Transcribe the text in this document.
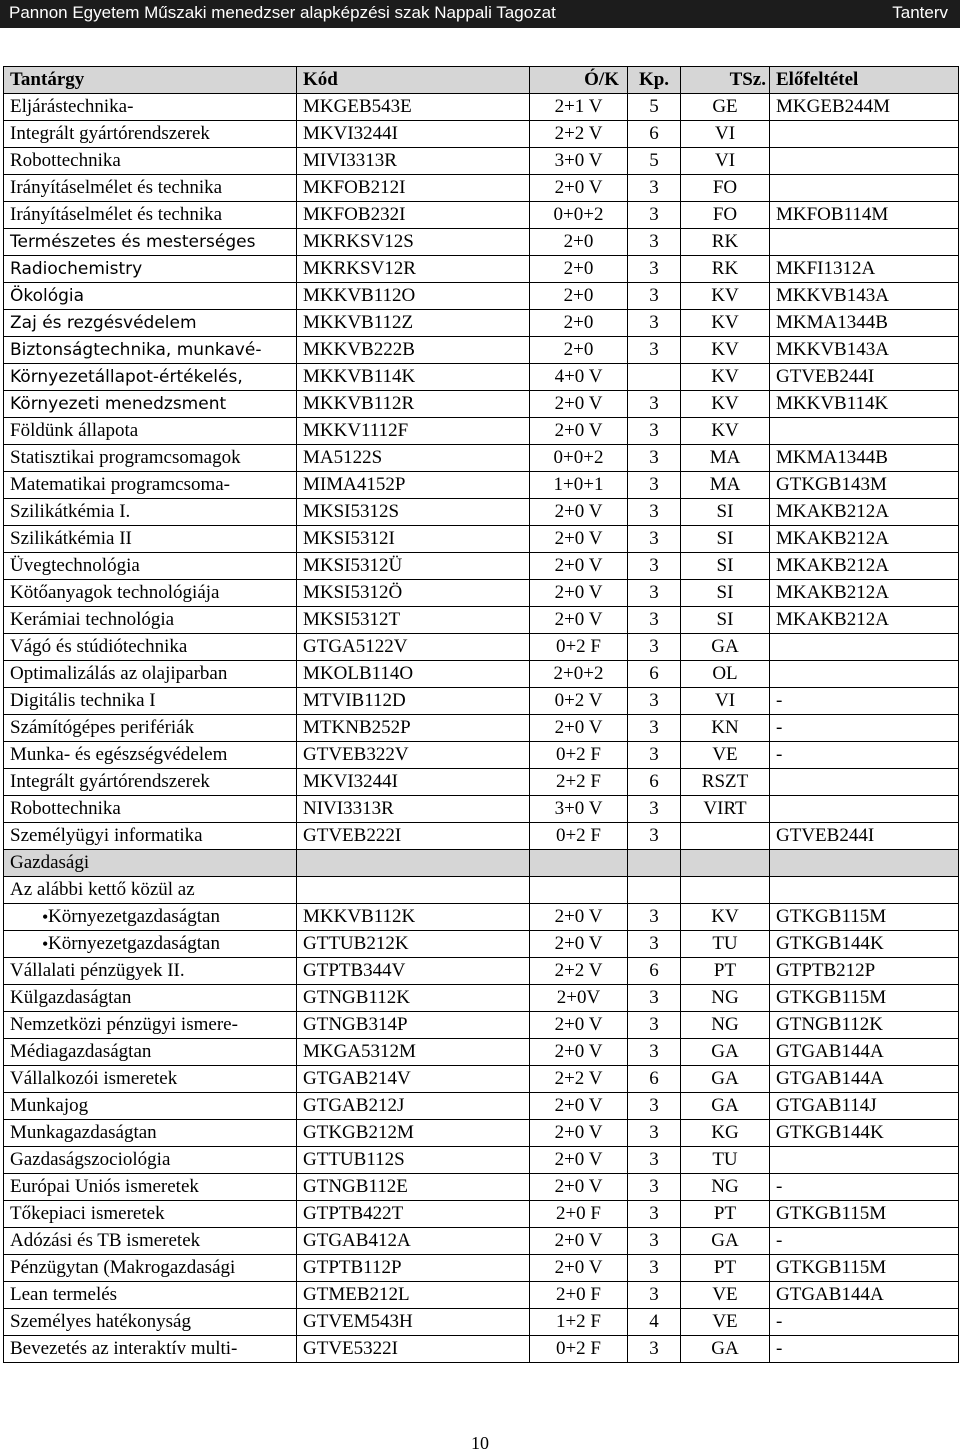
Pannon Egyetem Műszaki menedzser alapképzési szak Nappali Tagozat	Tanterv
Tantárgy	Kód	Ó/K	Kp.	TSz.	Előfeltétel
Eljárástechnika-	MKGEB543E	2+1 V	5	GE	MKGEB244M
Integrált gyártórendszerek	MKVI3244I	2+2 V	6	VI	
Robottechnika	MIVI3313R	3+0 V	5	VI	
Irányításelmélet és technika	MKFOB212I	2+0 V	3	FO	
Irányításelmélet és technika	MKFOB232I	0+0+2	3	FO	MKFOB114M
Természetes és mesterséges	MKRKSV12S	2+0	3	RK	
Radiochemistry	MKRKSV12R	2+0	3	RK	MKFI1312A
Ökológia	MKKVB112O	2+0	3	KV	MKKVB143A
Zaj és rezgésvédelem	MKKVB112Z	2+0	3	KV	MKMA1344B
Biztonságtechnika, munkavé-	MKKVB222B	2+0	3	KV	MKKVB143A
Környezetállapot-értékelés,	MKKVB114K	4+0 V		KV	GTVEB244I
Környezeti menedzsment	MKKVB112R	2+0 V	3	KV	MKKVB114K
Földünk állapota	MKKV1112F	2+0 V	3	KV	
Statisztikai programcsomagok	MA5122S	0+0+2	3	MA	MKMA1344B
Matematikai programcsoma-	MIMA4152P	1+0+1	3	MA	GTKGB143M
Szilikátkémia I.	MKSI5312S	2+0 V	3	SI	MKAKB212A
Szilikátkémia II	MKSI5312I	2+0 V	3	SI	MKAKB212A
Üvegtechnológia	MKSI5312Ü	2+0 V	3	SI	MKAKB212A
Kötőanyagok technológiája	MKSI5312Ö	2+0 V	3	SI	MKAKB212A
Kerámiai technológia	MKSI5312T	2+0 V	3	SI	MKAKB212A
Vágó és stúdiótechnika	GTGA5122V	0+2 F	3	GA	
Optimalizálás az olajiparban	MKOLB114O	2+0+2	6	OL	
Digitális technika I	MTVIB112D	0+2 V	3	VI	-
Számítógépes perifériák	MTKNB252P	2+0 V	3	KN	-
Munka- és egészségvédelem	GTVEB322V	0+2 F	3	VE	-
Integrált gyártórendszerek	MKVI3244I	2+2 F	6	RSZT	
Robottechnika	NIVI3313R	3+0 V	3	VIRT	
Személyügyi informatika	GTVEB222I	0+2 F	3		GTVEB244I
Gazdasági					
Az alábbi kettő közül az					

• Környezetgazdaságtan	MKKVB112K	2+0 V	3	KV	GTKGB115M

• Környezetgazdaságtan	GTTUB212K	2+0 V	3	TU	GTKGB144K
Vállalati pénzügyek II.	GTPTB344V	2+2 V	6	PT	GTPTB212P
Külgazdaságtan	GTNGB112K	2+0V	3	NG	GTKGB115M
Nemzetközi pénzügyi ismere-	GTNGB314P	2+0 V	3	NG	GTNGB112K
Médiagazdaságtan	MKGA5312M	2+0 V	3	GA	GTGAB144A
Vállalkozói ismeretek	GTGAB214V	2+2 V	6	GA	GTGAB144A
Munkajog	GTGAB212J	2+0 V	3	GA	GTGAB114J
Munkagazdaságtan	GTKGB212M	2+0 V	3	KG	GTKGB144K
Gazdaságszociológia	GTTUB112S	2+0 V	3	TU	
Európai Uniós ismeretek	GTNGB112E	2+0 V	3	NG	-
Tőkepiaci ismeretek	GTPTB422T	2+0 F	3	PT	GTKGB115M
Adózási és TB ismeretek	GTGAB412A	2+0 V	3	GA	-
Pénzügytan (Makrogazdasági	GTPTB112P	2+0 V	3	PT	GTKGB115M
Lean termelés	GTMEB212L	2+0 F	3	VE	GTGAB144A
Személyes hatékonyság	GTVEM543H	1+2 F	4	VE	-
Bevezetés az interaktív multi-	GTVE5322I	0+2 F	3	GA	-
10
